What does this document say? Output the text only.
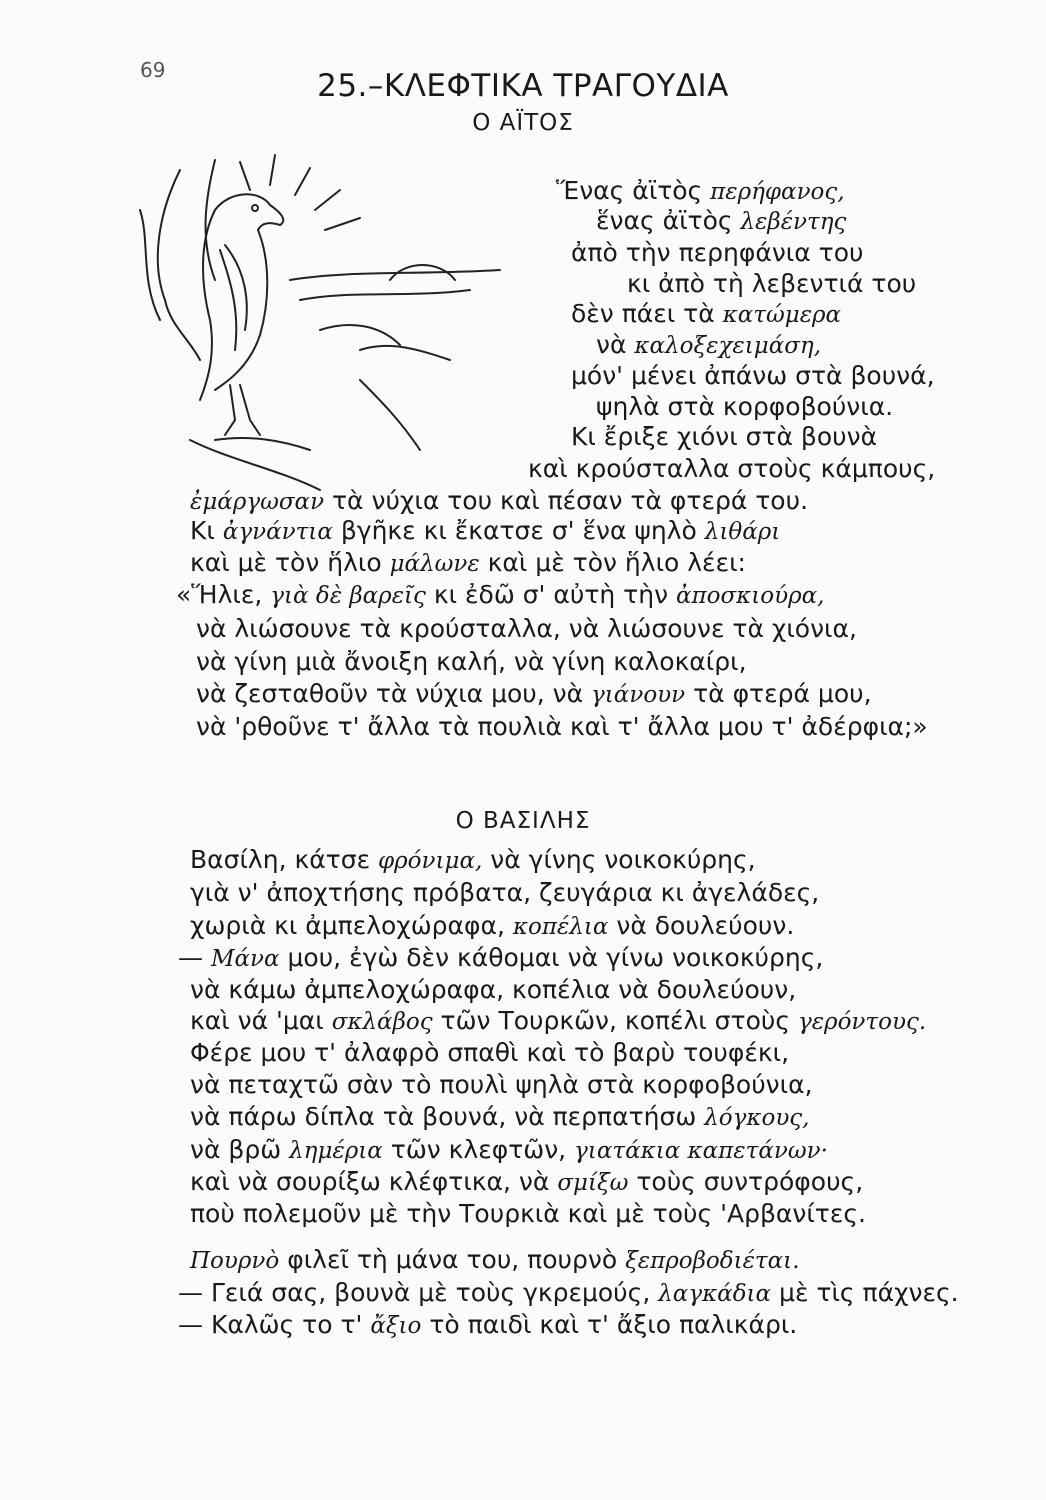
69	25.–ΚΛΕΦΤΙΚΑ ΤΡΑΓΟΥΔΙΑ
Ο ΑΪΤΟΣ
Ἕνας ἀϊτὸς περήφανος,
ἕνας ἀϊτὸς λεβέντης
ἀπὸ τὴν περηφάνια του
κι ἀπὸ τὴ λεβεντιά του
δὲν πάει τὰ κατώμερα
νὰ καλοξεχειμάση,
μόν' μένει ἀπάνω στὰ βουνά,
ψηλὰ στὰ κορφοβούνια.
Κι ἔριξε χιόνι στὰ βουνὰ
καὶ κρούσταλλα στοὺς κάμπους,
ἐμάργωσαν τὰ νύχια του καὶ πέσαν τὰ φτερά του.
Κι ἀγνάντια βγῆκε κι ἔκατσε σ' ἕνα ψηλὸ λιθάρι
καὶ μὲ τὸν ἥλιο μάλωνε καὶ μὲ τὸν ἥλιο λέει:
«Ἥλιε, γιὰ δὲ βαρεῖς κι ἐδῶ σ' αὐτὴ τὴν ἀποσκιούρα,
νὰ λιώσουνε τὰ κρούσταλλα, νὰ λιώσουνε τὰ χιόνια,
νὰ γίνη μιὰ ἄνοιξη καλή, νὰ γίνη καλοκαίρι,
νὰ ζεσταθοῦν τὰ νύχια μου, νὰ γιάνουν τὰ φτερά μου,
νὰ 'ρθοῦνε τ' ἄλλα τὰ πουλιὰ καὶ τ' ἄλλα μου τ' ἀδέρφια;»
Ο ΒΑΣΙΛΗΣ
Βασίλη, κάτσε φρόνιμα, νὰ γίνης νοικοκύρης,
γιὰ ν' ἀποχτήσης πρόβατα, ζευγάρια κι ἀγελάδες,
χωριὰ κι ἀμπελοχώραφα, κοπέλια νὰ δουλεύουν.
— Μάνα μου, ἐγὼ δὲν κάθομαι νὰ γίνω νοικοκύρης,
νὰ κάμω ἀμπελοχώραφα, κοπέλια νὰ δουλεύουν,
καὶ νά 'μαι σκλάβος τῶν Τουρκῶν, κοπέλι στοὺς γερόντους.
Φέρε μου τ' ἀλαφρὸ σπαθὶ καὶ τὸ βαρὺ τουφέκι,
νὰ πεταχτῶ σὰν τὸ πουλὶ ψηλὰ στὰ κορφοβούνια,
νὰ πάρω δίπλα τὰ βουνά, νὰ περπατήσω λόγκους,
νὰ βρῶ λημέρια τῶν κλεφτῶν, γιατάκια καπετάνων·
καὶ νὰ σουρίξω κλέφτικα, νὰ σμίξω τοὺς συντρόφους,
ποὺ πολεμοῦν μὲ τὴν Τουρκιὰ καὶ μὲ τοὺς 'Αρβανίτες.
Πουρνὸ φιλεῖ τὴ μάνα του, πουρνὸ ξεπροβοδιέται.
— Γειά σας, βουνὰ μὲ τοὺς γκρεμούς, λαγκάδια μὲ τὶς πάχνες.
— Καλῶς το τ' ἄξιο τὸ παιδὶ καὶ τ' ἄξιο παλικάρι.
